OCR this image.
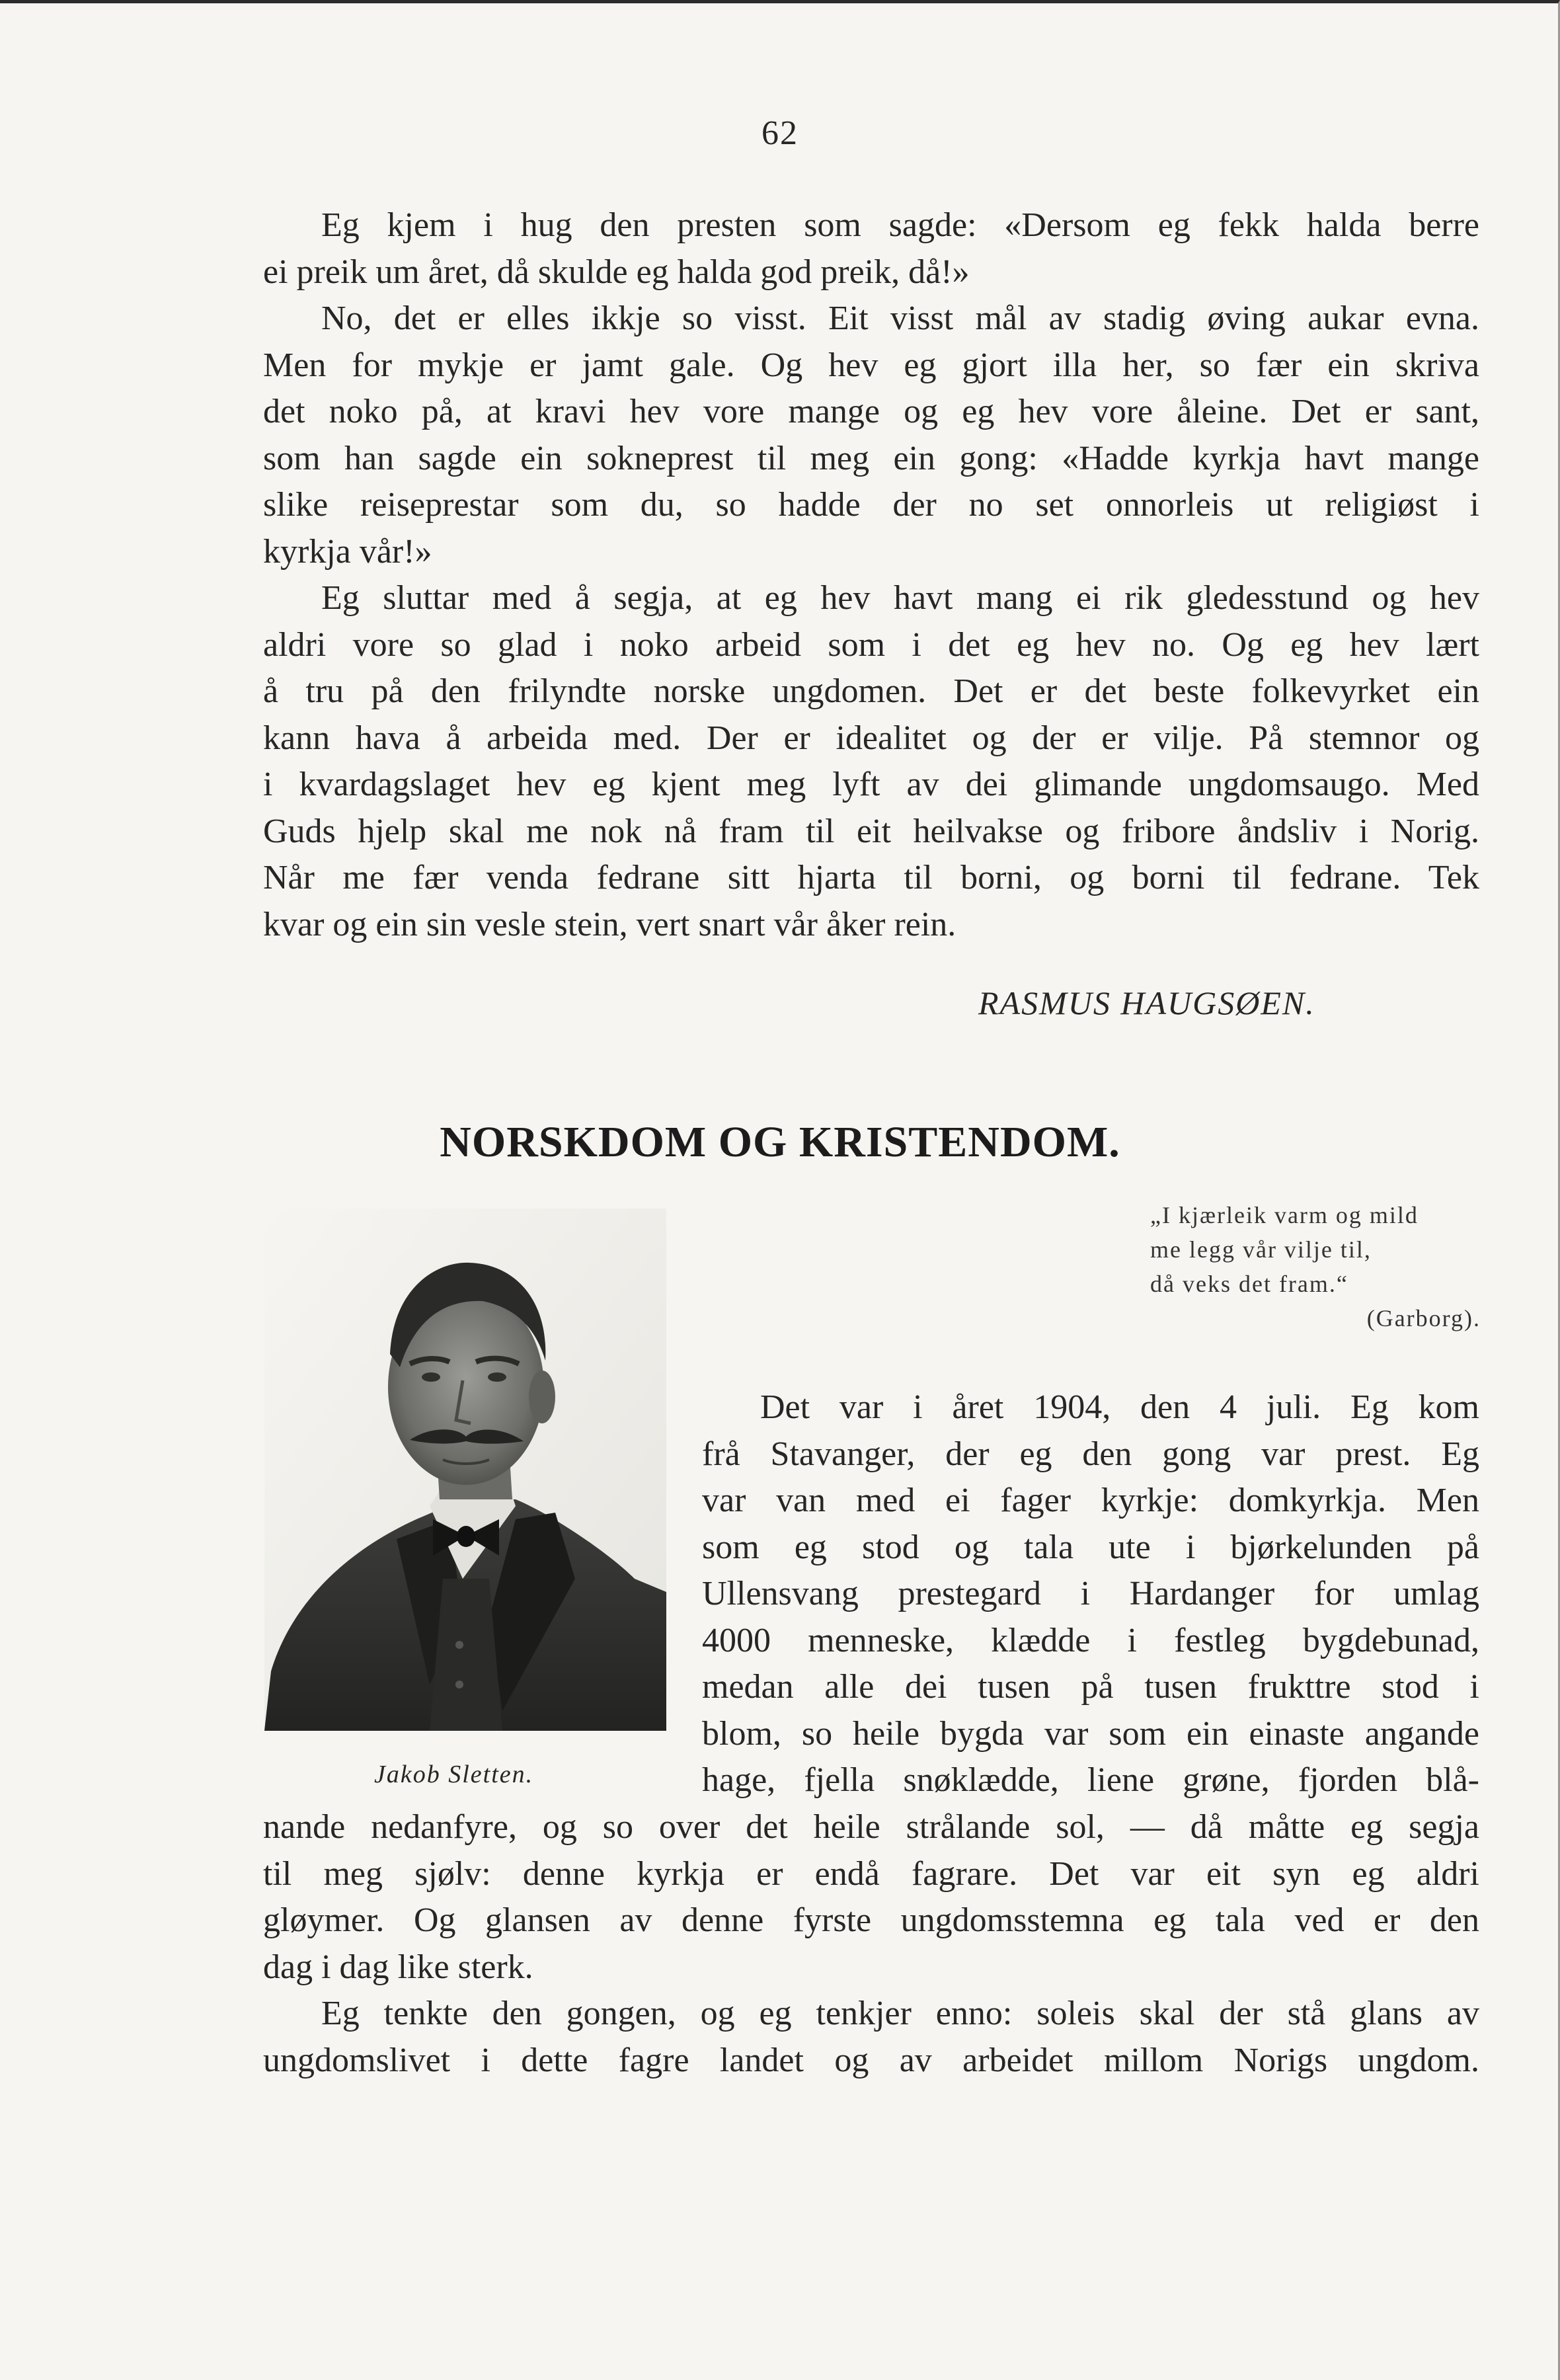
62
Eg kjem i hug den presten som sagde: «Dersom eg fekk halda berre
ei preik um året, då skulde eg halda god preik, då!»
No, det er elles ikkje so visst. Eit visst mål av stadig øving aukar evna.
Men for mykje er jamt gale. Og hev eg gjort illa her, so fær ein skriva
det noko på, at kravi hev vore mange og eg hev vore åleine. Det er sant,
som han sagde ein sokneprest til meg ein gong: «Hadde kyrkja havt mange
slike reiseprestar som du, so hadde der no set onnorleis ut religiøst i
kyrkja vår!»
Eg sluttar med å segja, at eg hev havt mang ei rik gledesstund og hev
aldri vore so glad i noko arbeid som i det eg hev no. Og eg hev lært
å tru på den frilyndte norske ungdomen. Det er det beste folkevyrket ein
kann hava å arbeida med. Der er idealitet og der er vilje. På stemnor og
i kvardagslaget hev eg kjent meg lyft av dei glimande ungdomsaugo. Med
Guds hjelp skal me nok nå fram til eit heilvakse og fribore åndsliv i Norig.
Når me fær venda fedrane sitt hjarta til borni, og borni til fedrane. Tek
kvar og ein sin vesle stein, vert snart vår åker rein.
RASMUS HAUGSØEN.
NORSKDOM OG KRISTENDOM.
„I kjærleik varm og mild
me legg vår vilje til,
då veks det fram.“
(Garborg).
Jakob Sletten.
Det var i året 1904, den 4 juli. Eg kom
frå Stavanger, der eg den gong var prest. Eg
var van med ei fager kyrkje: domkyrkja. Men
som eg stod og tala ute i bjørkelunden på
Ullensvang prestegard i Hardanger for umlag
4000 menneske, klædde i festleg bygdebunad,
medan alle dei tusen på tusen frukttre stod i
blom, so heile bygda var som ein einaste angande
hage, fjella snøklædde, liene grøne, fjorden blå-
nande nedanfyre, og so over det heile strålande sol, — då måtte eg segja
til meg sjølv: denne kyrkja er endå fagrare. Det var eit syn eg aldri
gløymer. Og glansen av denne fyrste ungdomsstemna eg tala ved er den
dag i dag like sterk.
Eg tenkte den gongen, og eg tenkjer enno: soleis skal der stå glans av
ungdomslivet i dette fagre landet og av arbeidet millom Norigs ungdom.
